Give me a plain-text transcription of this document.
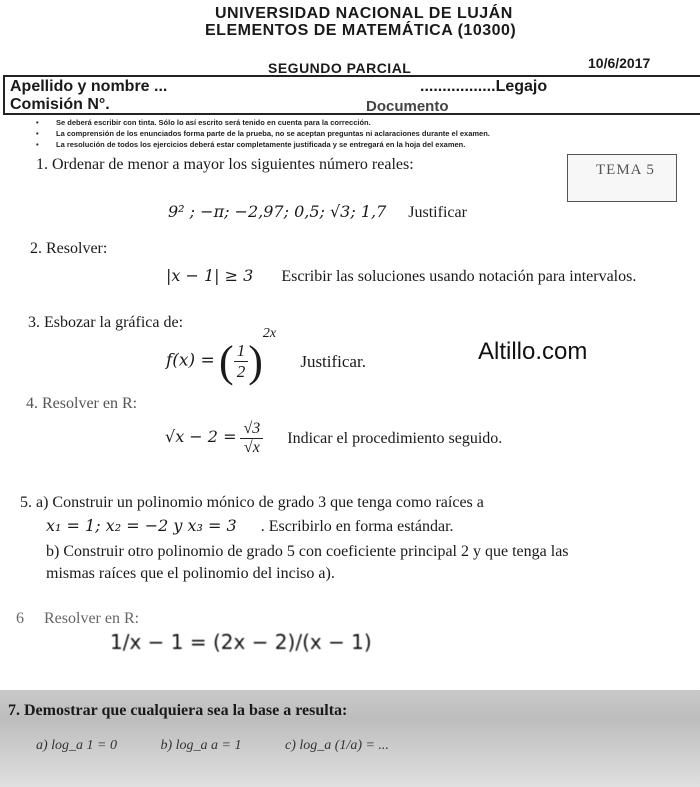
UNIVERSIDAD NACIONAL DE LUJÁN
ELEMENTOS DE MATEMÁTICA (10300)
SEGUNDO PARCIAL	10/6/2017
Apellido y nombre ...
Comisión N°.
.................Legajo
Documento
• Se deberá escribir con tinta. Sólo lo así escrito será tenido en cuenta para la corrección.
• La comprensión de los enunciados forma parte de la prueba, no se aceptan preguntas ni aclaraciones durante el examen.
• La resolución de todos los ejercicios deberá estar completamente justificada y se entregará en la hoja del examen.
TEMA 5
1. Ordenar de menor a mayor los siguientes número reales:
9² ; −π; −2,97; 0,5; √3; 1,7 Justificar
2. Resolver:
|x − 1| ≥ 3 Escribir las soluciones usando notación para intervalos.
3. Esbozar la gráfica de:
f(x) = ( $\frac{1}{2} )^{2x}$ Justificar.	Altillo.com
4. Resolver en R:
$√x - 2 = \frac{√3}{√x}$ Indicar el procedimiento seguido.
5. a) Construir un polinomio mónico de grado 3 que tenga como raíces a
x₁ = 1; x₂ = −2 y x₃ = 3 . Escribirlo en forma estándar.
b) Construir otro polinomio de grado 5 con coeficiente principal 2 y que tenga las
mismas raíces que el polinomio del inciso a).
6 Resolver en R:
1/x − 1 = (2x − 2)/(x − 1)
7. Demostrar que cualquiera sea la base a resulta:
a) log_a 1 = 0	b) log_a a = 1	c) log_a (1/a) = ...
